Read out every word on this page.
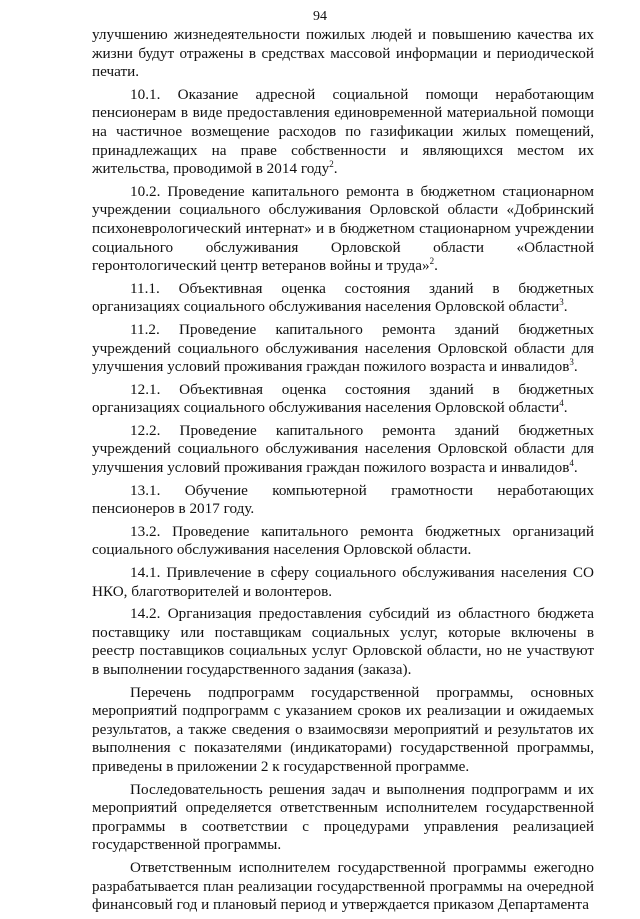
94

улучшению жизнедеятельности пожилых людей и повышению качества их жизни будут отражены в средствах массовой информации и периодической печати.

10.1. Оказание адресной социальной помощи неработающим пенсионерам в виде предоставления единовременной материальной помощи на частичное возмещение расходов по газификации жилых помещений, принадлежащих на праве собственности и являющихся местом их жительства, проводимой в 2014 году$^2$.

10.2. Проведение капитального ремонта в бюджетном стационарном учреждении социального обслуживания Орловской области «Добринский психоневрологический интернат» и в бюджетном стационарном учреждении социального обслуживания Орловской области «Областной геронтологический центр ветеранов войны и труда»$^2$.

11.1. Объективная оценка состояния зданий в бюджетных организациях социального обслуживания населения Орловской области$^3$.

11.2. Проведение капитального ремонта зданий бюджетных учреждений социального обслуживания населения Орловской области для улучшения условий проживания граждан пожилого возраста и инвалидов$^3$.

12.1. Объективная оценка состояния зданий в бюджетных организациях социального обслуживания населения Орловской области$^4$.

12.2. Проведение капитального ремонта зданий бюджетных учреждений социального обслуживания населения Орловской области для улучшения условий проживания граждан пожилого возраста и инвалидов$^4$.

13.1. Обучение компьютерной грамотности неработающих пенсионеров в 2017 году.

13.2. Проведение капитального ремонта бюджетных организаций социального обслуживания населения Орловской области.

14.1. Привлечение в сферу социального обслуживания населения СО НКО, благотворителей и волонтеров.

14.2. Организация предоставления субсидий из областного бюджета поставщику или поставщикам социальных услуг, которые включены в реестр поставщиков социальных услуг Орловской области, но не участвуют в выполнении государственного задания (заказа).

Перечень подпрограмм государственной программы, основных мероприятий подпрограмм с указанием сроков их реализации и ожидаемых результатов, а также сведения о взаимосвязи мероприятий и результатов их выполнения с показателями (индикаторами) государственной программы, приведены в приложении 2 к государственной программе.

Последовательность решения задач и выполнения подпрограмм и их мероприятий определяется ответственным исполнителем государственной программы в соответствии с процедурами управления реализацией государственной программы.

Ответственным исполнителем государственной программы ежегодно разрабатывается план реализации государственной программы на очередной финансовый год и плановый период и утверждается приказом Департамента
